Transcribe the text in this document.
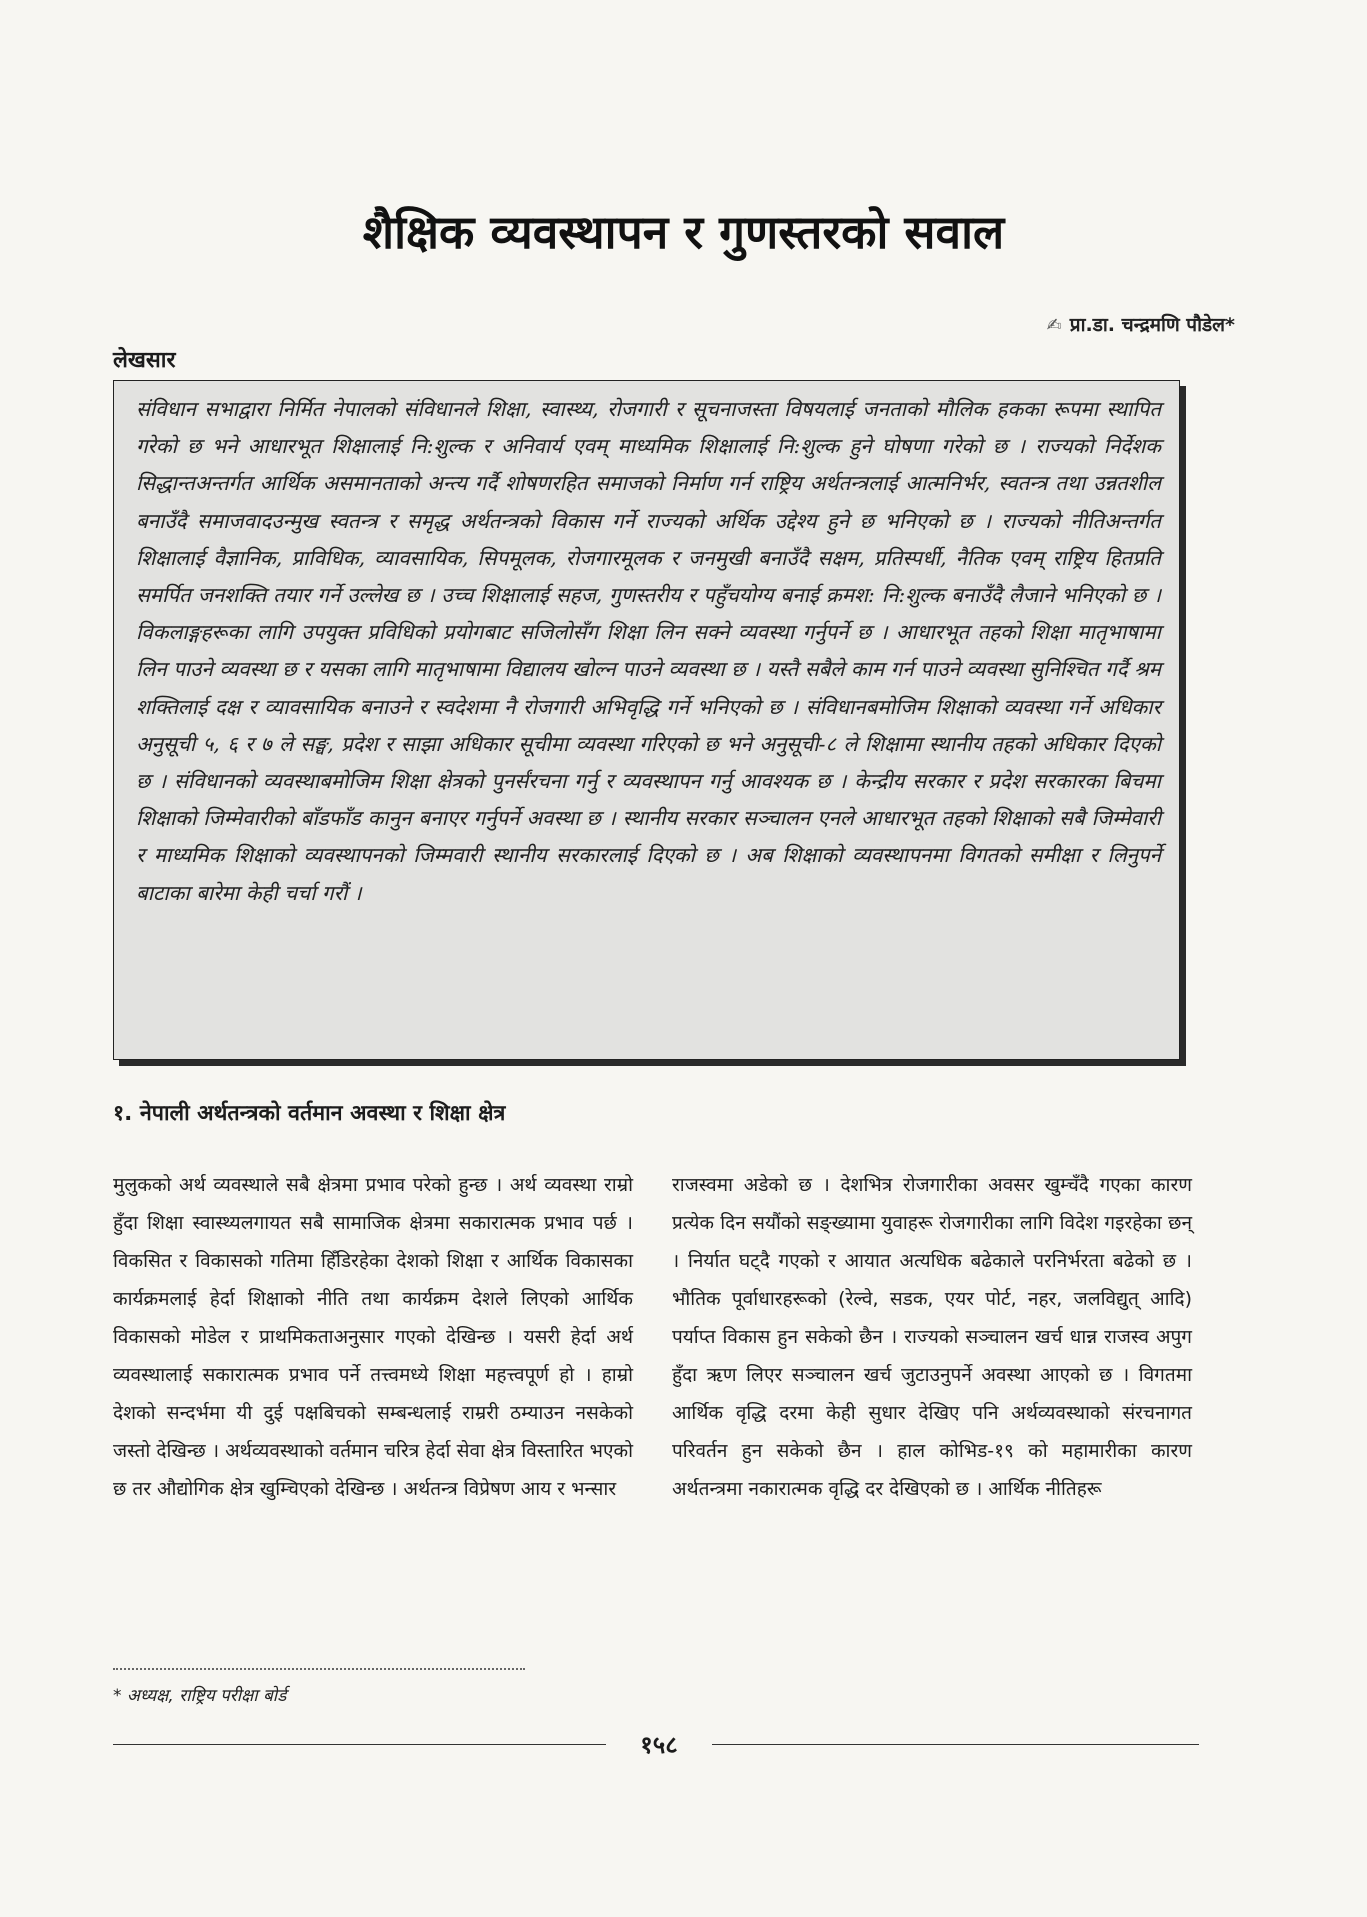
शैक्षिक व्यवस्थापन र गुणस्तरको सवाल
✍ प्रा.डा. चन्द्रमणि पौडेल*
लेखसार

संविधान सभाद्वारा निर्मित नेपालको संविधानले शिक्षा, स्वास्थ्य, रोजगारी र सूचनाजस्ता विषयलाई जनताको मौलिक हकका रूपमा स्थापित गरेको छ भने आधारभूत शिक्षालाई नि:शुल्क र अनिवार्य एवम् माध्यमिक शिक्षालाई नि:शुल्क हुने घोषणा गरेको छ । राज्यको निर्देशक सिद्धान्तअन्तर्गत आर्थिक असमानताको अन्त्य गर्दै शोषणरहित समाजको निर्माण गर्न राष्ट्रिय अर्थतन्त्रलाई आत्मनिर्भर, स्वतन्त्र तथा उन्नतशील बनाउँदै समाजवादउन्मुख स्वतन्त्र र समृद्ध अर्थतन्त्रको विकास गर्ने राज्यको अर्थिक उद्देश्य हुने छ भनिएको छ । राज्यको नीतिअन्तर्गत शिक्षालाई वैज्ञानिक, प्राविधिक, व्यावसायिक, सिपमूलक, रोजगारमूलक र जनमुखी बनाउँदै सक्षम, प्रतिस्पर्धी, नैतिक एवम् राष्ट्रिय हितप्रति समर्पित जनशक्ति तयार गर्ने उल्लेख छ । उच्च शिक्षालाई सहज, गुणस्तरीय र पहुँचयोग्य बनाई क्रमश: नि:शुल्क बनाउँदै लैजाने भनिएको छ । विकलाङ्गहरूका लागि उपयुक्त प्रविधिको प्रयोगबाट सजिलोसँग शिक्षा लिन सक्ने व्यवस्था गर्नुपर्ने छ । आधारभूत तहको शिक्षा मातृभाषामा लिन पाउने व्यवस्था छ र यसका लागि मातृभाषामा विद्यालय खोल्न पाउने व्यवस्था छ । यस्तै सबैले काम गर्न पाउने व्यवस्था सुनिश्चित गर्दै श्रम शक्तिलाई दक्ष र व्यावसायिक बनाउने र स्वदेशमा नै रोजगारी अभिवृद्धि गर्ने भनिएको छ । संविधानबमोजिम शिक्षाको व्यवस्था गर्ने अधिकार अनुसूची ५, ६ र ७ ले सङ्घ, प्रदेश र साझा अधिकार सूचीमा व्यवस्था गरिएको छ भने अनुसूची-८ ले शिक्षामा स्थानीय तहको अधिकार दिएको छ । संविधानको व्यवस्थाबमोजिम शिक्षा क्षेत्रको पुनर्संरचना गर्नु र व्यवस्थापन गर्नु आवश्यक छ । केन्द्रीय सरकार र प्रदेश सरकारका बिचमा शिक्षाको जिम्मेवारीको बाँडफाँड कानुन बनाएर गर्नुपर्ने अवस्था छ । स्थानीय सरकार सञ्चालन एनले आधारभूत तहको शिक्षाको सबै जिम्मेवारी र माध्यमिक शिक्षाको व्यवस्थापनको जिम्मवारी स्थानीय सरकारलाई दिएको छ । अब शिक्षाको व्यवस्थापनमा विगतको समीक्षा र लिनुपर्ने बाटाका बारेमा केही चर्चा गरौं ।

१. नेपाली अर्थतन्त्रको वर्तमान अवस्था र शिक्षा क्षेत्र

मुलुकको अर्थ व्यवस्थाले सबै क्षेत्रमा प्रभाव परेको हुन्छ । अर्थ व्यवस्था राम्रो हुँदा शिक्षा स्वास्थ्यलगायत सबै सामाजिक क्षेत्रमा सकारात्मक प्रभाव पर्छ । विकसित र विकासको गतिमा हिँडिरहेका देशको शिक्षा र आर्थिक विकासका कार्यक्रमलाई हेर्दा शिक्षाको नीति तथा कार्यक्रम देशले लिएको आर्थिक विकासको मोडेल र प्राथमिकताअनुसार गएको देखिन्छ । यसरी हेर्दा अर्थ व्यवस्थालाई सकारात्मक प्रभाव पर्ने तत्त्वमध्ये शिक्षा महत्त्वपूर्ण हो । हाम्रो देशको सन्दर्भमा यी दुई पक्षबिचको सम्बन्धलाई राम्ररी ठम्याउन नसकेको जस्तो देखिन्छ । अर्थव्यवस्थाको वर्तमान चरित्र हेर्दा सेवा क्षेत्र विस्तारित भएको छ तर औद्योगिक क्षेत्र खुम्चिएको देखिन्छ । अर्थतन्त्र विप्रेषण आय र भन्सार

राजस्वमा अडेको छ । देशभित्र रोजगारीका अवसर खुम्चँदै गएका कारण प्रत्येक दिन सयौंको सङ्ख्यामा युवाहरू रोजगारीका लागि विदेश गइरहेका छन् । निर्यात घट्दै गएको र आयात अत्यधिक बढेकाले परनिर्भरता बढेको छ । भौतिक पूर्वाधारहरूको (रेल्वे, सडक, एयर पोर्ट, नहर, जलविद्युत् आदि) पर्याप्त विकास हुन सकेको छैन । राज्यको सञ्चालन खर्च धान्न राजस्व अपुग हुँदा ऋण लिएर सञ्चालन खर्च जुटाउनुपर्ने अवस्था आएको छ । विगतमा आर्थिक वृद्धि दरमा केही सुधार देखिए पनि अर्थव्यवस्थाको संरचनागत परिवर्तन हुन सकेको छैन । हाल कोभिड-१९ को महामारीका कारण अर्थतन्त्रमा नकारात्मक वृद्धि दर देखिएको छ । आर्थिक नीतिहरू

* अध्यक्ष, राष्ट्रिय परीक्षा बोर्ड
१५८
